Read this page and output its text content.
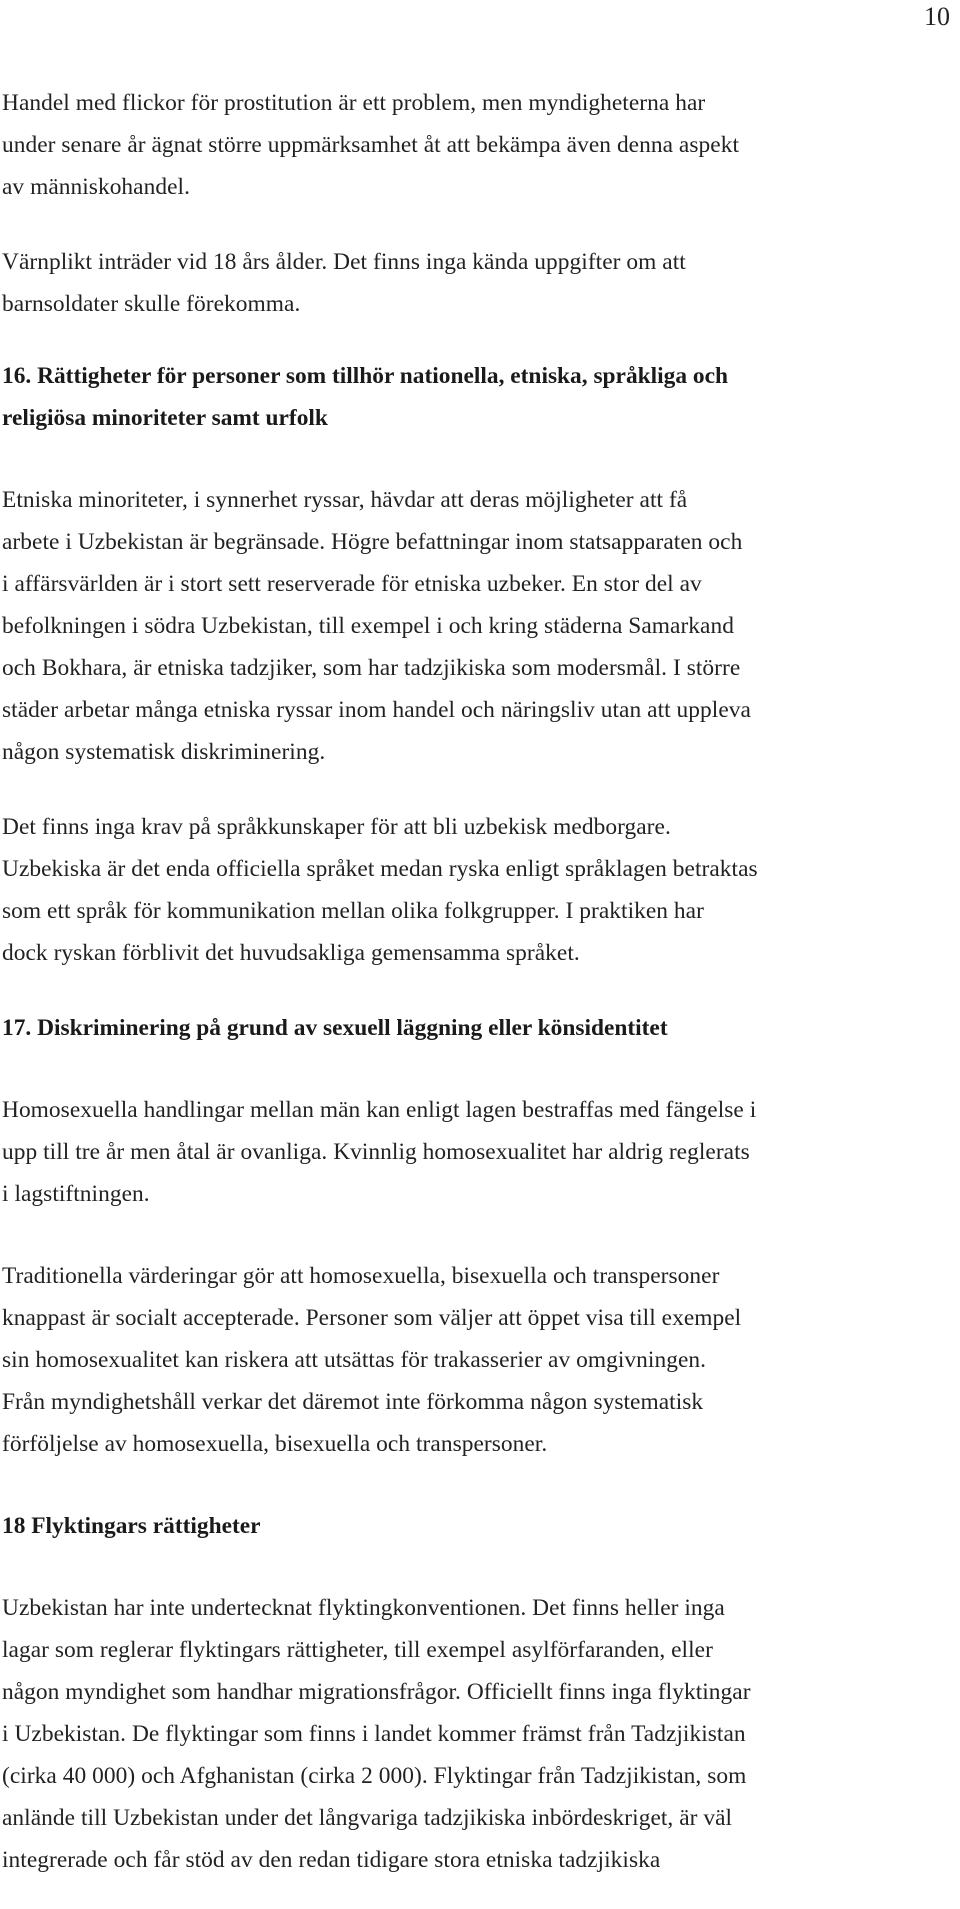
10
Handel med flickor för prostitution är ett problem, men myndigheterna har
under senare år ägnat större uppmärksamhet åt att bekämpa även denna aspekt
av människohandel.
Värnplikt inträder vid 18 års ålder. Det finns inga kända uppgifter om att
barnsoldater skulle förekomma.
16. Rättigheter för personer som tillhör nationella, etniska, språkliga och
religiösa minoriteter samt urfolk
Etniska minoriteter, i synnerhet ryssar, hävdar att deras möjligheter att få
arbete i Uzbekistan är begränsade. Högre befattningar inom statsapparaten och
i affärsvärlden är i stort sett reserverade för etniska uzbeker. En stor del av
befolkningen i södra Uzbekistan, till exempel i och kring städerna Samarkand
och Bokhara, är etniska tadzjiker, som har tadzjikiska som modersmål. I större
städer arbetar många etniska ryssar inom handel och näringsliv utan att uppleva
någon systematisk diskriminering.
Det finns inga krav på språkkunskaper för att bli uzbekisk medborgare.
Uzbekiska är det enda officiella språket medan ryska enligt språklagen betraktas
som ett språk för kommunikation mellan olika folkgrupper. I praktiken har
dock ryskan förblivit det huvudsakliga gemensamma språket.
17. Diskriminering på grund av sexuell läggning eller könsidentitet
Homosexuella handlingar mellan män kan enligt lagen bestraffas med fängelse i
upp till tre år men åtal är ovanliga. Kvinnlig homosexualitet har aldrig reglerats
i lagstiftningen.
Traditionella värderingar gör att homosexuella, bisexuella och transpersoner
knappast är socialt accepterade. Personer som väljer att öppet visa till exempel
sin homosexualitet kan riskera att utsättas för trakasserier av omgivningen.
Från myndighetshåll verkar det däremot inte förkomma någon systematisk
förföljelse av homosexuella, bisexuella och transpersoner.
18 Flyktingars rättigheter
Uzbekistan har inte undertecknat flyktingkonventionen. Det finns heller inga
lagar som reglerar flyktingars rättigheter, till exempel asylförfaranden, eller
någon myndighet som handhar migrationsfrågor. Officiellt finns inga flyktingar
i Uzbekistan. De flyktingar som finns i landet kommer främst från Tadzjikistan
(cirka 40 000) och Afghanistan (cirka 2 000). Flyktingar från Tadzjikistan, som
anlände till Uzbekistan under det långvariga tadzjikiska inbördeskriget, är väl
integrerade och får stöd av den redan tidigare stora etniska tadzjikiska
